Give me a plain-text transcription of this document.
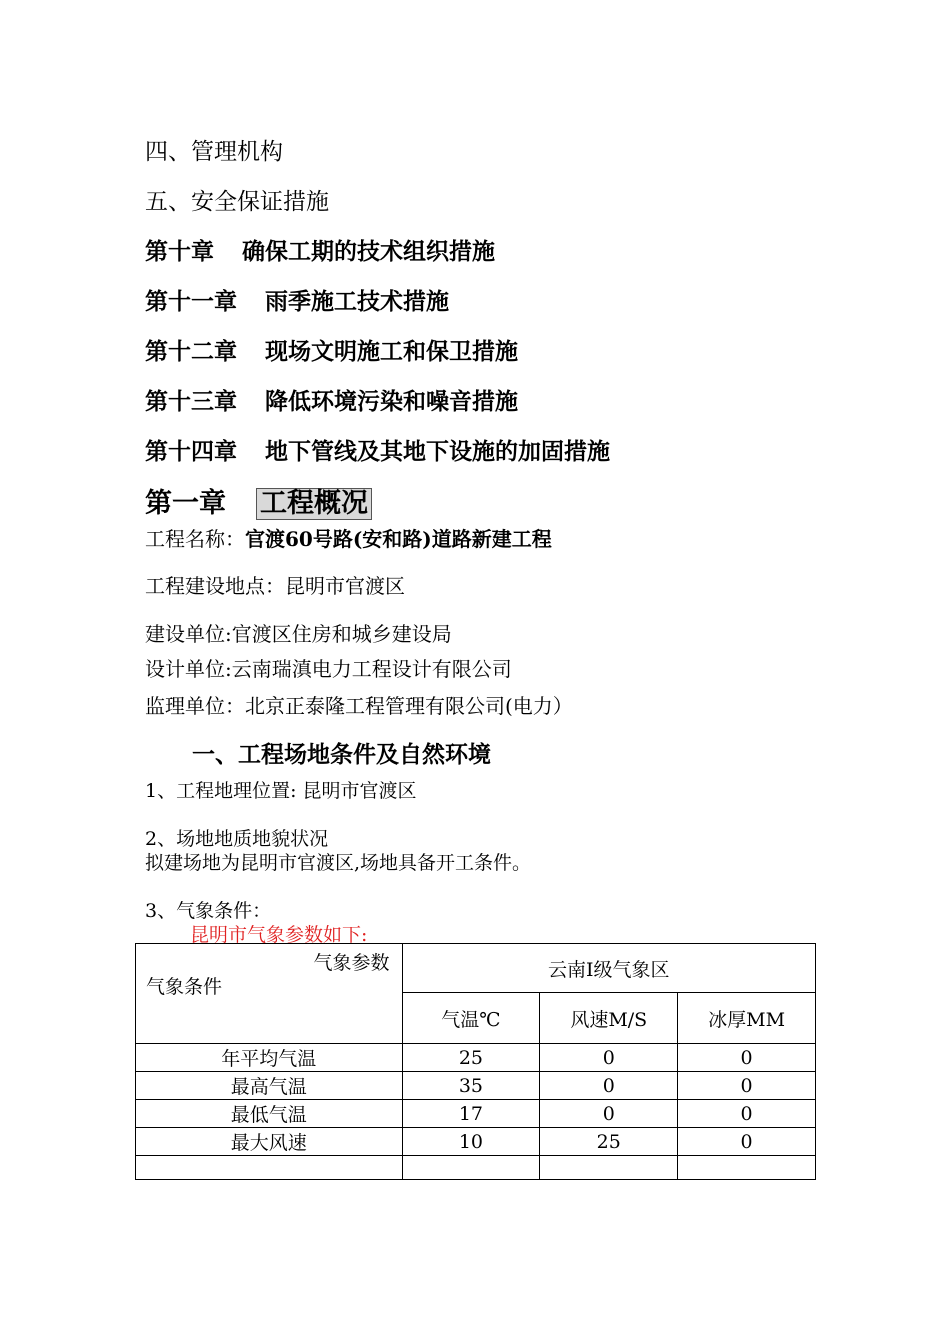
四、管理机构
五、安全保证措施
第十章 确保工期的技术组织措施
第十一章 雨季施工技术措施
第十二章 现场文明施工和保卫措施
第十三章 降低环境污染和噪音措施
第十四章 地下管线及其地下设施的加固措施
第一章 工程概况
工程名称：官渡60号路(安和路)道路新建工程
工程建设地点：昆明市官渡区
建设单位:官渡区住房和城乡建设局
设计单位:云南瑞滇电力工程设计有限公司
监理单位：北京正泰隆工程管理有限公司(电力）
一、工程场地条件及自然环境
1、工程地理位置: 昆明市官渡区
2、场地地质地貌状况
拟建场地为昆明市官渡区,场地具备开工条件。
3、气象条件：
昆明市气象参数如下:
气象参数
气象条件	云南Ⅰ级气象区		
	气温℃	风速M/S	冰厚MM
年平均气温	25	0	0
最高气温	35	0	0
最低气温	17	0	0
最大风速	10	25	0
